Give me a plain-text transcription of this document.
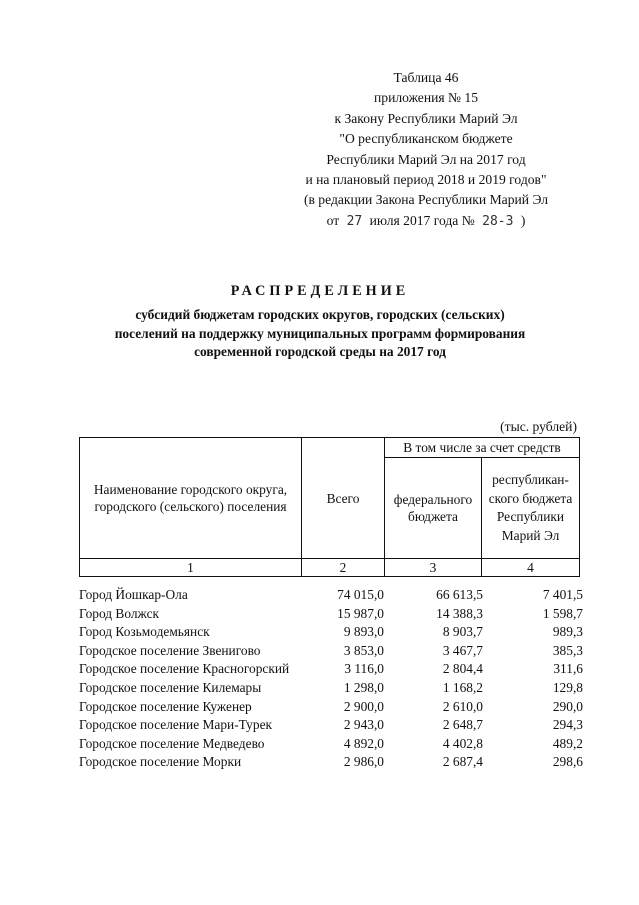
Таблица 46
приложения № 15
к Закону Республики Марий Эл
"О республиканском бюджете
Республики Марий Эл на 2017 год
и на плановый период 2018 и 2019 годов"
(в редакции Закона Республики Марий Эл
от 27 июля 2017 года № 28-З )
РАСПРЕДЕЛЕНИЕ
субсидий бюджетам городских округов, городских (сельских)
поселений на поддержку муниципальных программ формирования
современной городской среды на 2017 год
(тыс. рублей)
Наименование городского округа, городского (сельского) поселения	Всего	В том числе за счет средств	
		федерального бюджета	республикан-ского бюджета Республики Марий Эл
1	2	3	4
Город Йошкар-Ола	74 015,0	66 613,5	7 401,5
Город Волжск	15 987,0	14 388,3	1 598,7
Город Козьмодемьянск	9 893,0	8 903,7	989,3
Городское поселение Звенигово	3 853,0	3 467,7	385,3
Городское поселение Красногорский	3 116,0	2 804,4	311,6
Городское поселение Килемары	1 298,0	1 168,2	129,8
Городское поселение Куженер	2 900,0	2 610,0	290,0
Городское поселение Мари-Турек	2 943,0	2 648,7	294,3
Городское поселение Медведево	4 892,0	4 402,8	489,2
Городское поселение Морки	2 986,0	2 687,4	298,6
